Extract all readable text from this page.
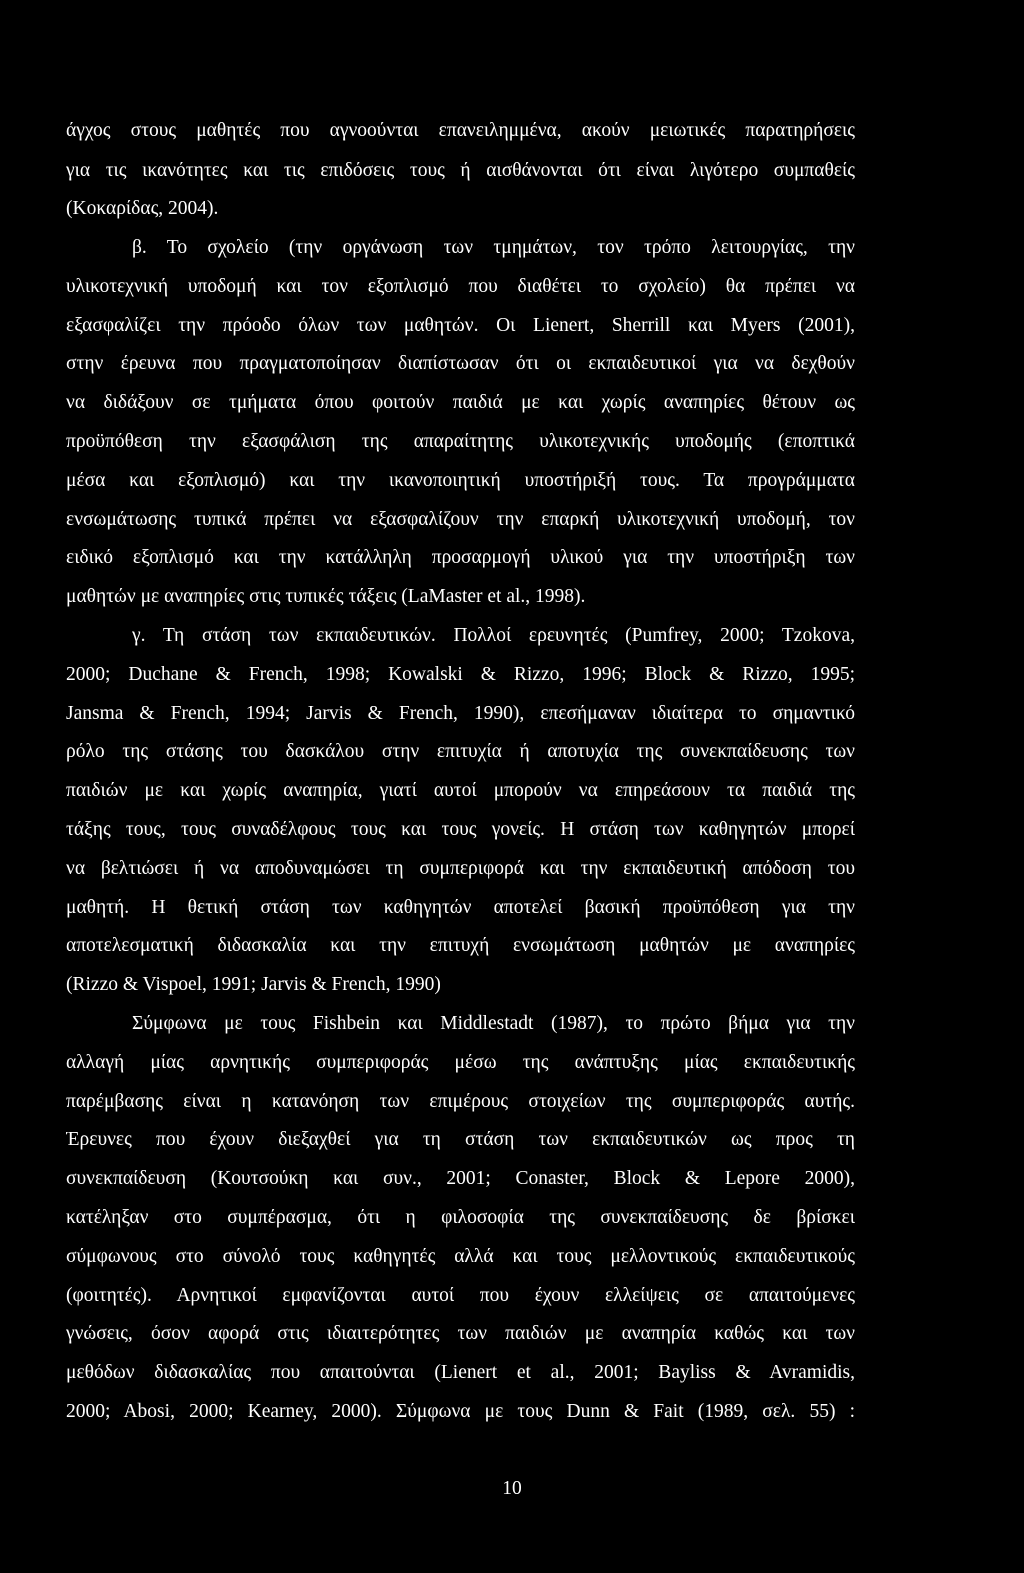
άγχος στους μαθητές που αγνοούνται επανειλημμένα, ακούν μειωτικές παρατηρήσεις
για τις ικανότητες και τις επιδόσεις τους ή αισθάνονται ότι είναι λιγότερο συμπαθείς
(Κοκαρίδας, 2004).
β. Το σχολείο (την οργάνωση των τμημάτων, τον τρόπο λειτουργίας, την
υλικοτεχνική υποδομή και τον εξοπλισμό που διαθέτει το σχολείο) θα πρέπει να
εξασφαλίζει την πρόοδο όλων των μαθητών. Οι Lienert, Sherrill και Myers (2001),
στην έρευνα που πραγματοποίησαν διαπίστωσαν ότι οι εκπαιδευτικοί για να δεχθούν
να διδάξουν σε τμήματα όπου φοιτούν παιδιά με και χωρίς αναπηρίες θέτουν ως
προϋπόθεση την εξασφάλιση της απαραίτητης υλικοτεχνικής υποδομής (εποπτικά
μέσα και εξοπλισμό) και την ικανοποιητική υποστήριξή τους. Τα προγράμματα
ενσωμάτωσης τυπικά πρέπει να εξασφαλίζουν την επαρκή υλικοτεχνική υποδομή, τον
ειδικό εξοπλισμό και την κατάλληλη προσαρμογή υλικού για την υποστήριξη των
μαθητών με αναπηρίες στις τυπικές τάξεις (LaMaster et al., 1998).
γ. Τη στάση των εκπαιδευτικών. Πολλοί ερευνητές (Pumfrey, 2000; Tzokova,
2000; Duchane & French, 1998; Kowalski & Rizzo, 1996; Block & Rizzo, 1995;
Jansma & French, 1994; Jarvis & French, 1990), επεσήμαναν ιδιαίτερα το σημαντικό
ρόλο της στάσης του δασκάλου στην επιτυχία ή αποτυχία της συνεκπαίδευσης των
παιδιών με και χωρίς αναπηρία, γιατί αυτοί μπορούν να επηρεάσουν τα παιδιά της
τάξης τους, τους συναδέλφους τους και τους γονείς. Η στάση των καθηγητών μπορεί
να βελτιώσει ή να αποδυναμώσει τη συμπεριφορά και την εκπαιδευτική απόδοση του
μαθητή. Η θετική στάση των καθηγητών αποτελεί βασική προϋπόθεση για την
αποτελεσματική διδασκαλία και την επιτυχή ενσωμάτωση μαθητών με αναπηρίες
(Rizzo & Vispoel, 1991; Jarvis & French, 1990)
Σύμφωνα με τους Fishbein και Middlestadt (1987), το πρώτο βήμα για την
αλλαγή μίας αρνητικής συμπεριφοράς μέσω της ανάπτυξης μίας εκπαιδευτικής
παρέμβασης είναι η κατανόηση των επιμέρους στοιχείων της συμπεριφοράς αυτής.
Έρευνες που έχουν διεξαχθεί για τη στάση των εκπαιδευτικών ως προς τη
συνεκπαίδευση (Κουτσούκη και συν., 2001; Conaster, Block & Lepore 2000),
κατέληξαν στο συμπέρασμα, ότι η φιλοσοφία της συνεκπαίδευσης δε βρίσκει
σύμφωνους στο σύνολό τους καθηγητές αλλά και τους μελλοντικούς εκπαιδευτικούς
(φοιτητές). Αρνητικοί εμφανίζονται αυτοί που έχουν ελλείψεις σε απαιτούμενες
γνώσεις, όσον αφορά στις ιδιαιτερότητες των παιδιών με αναπηρία καθώς και των
μεθόδων διδασκαλίας που απαιτούνται (Lienert et al., 2001; Bayliss & Avramidis,
2000; Abosi, 2000; Kearney, 2000). Σύμφωνα με τους Dunn & Fait (1989, σελ. 55) :
10
